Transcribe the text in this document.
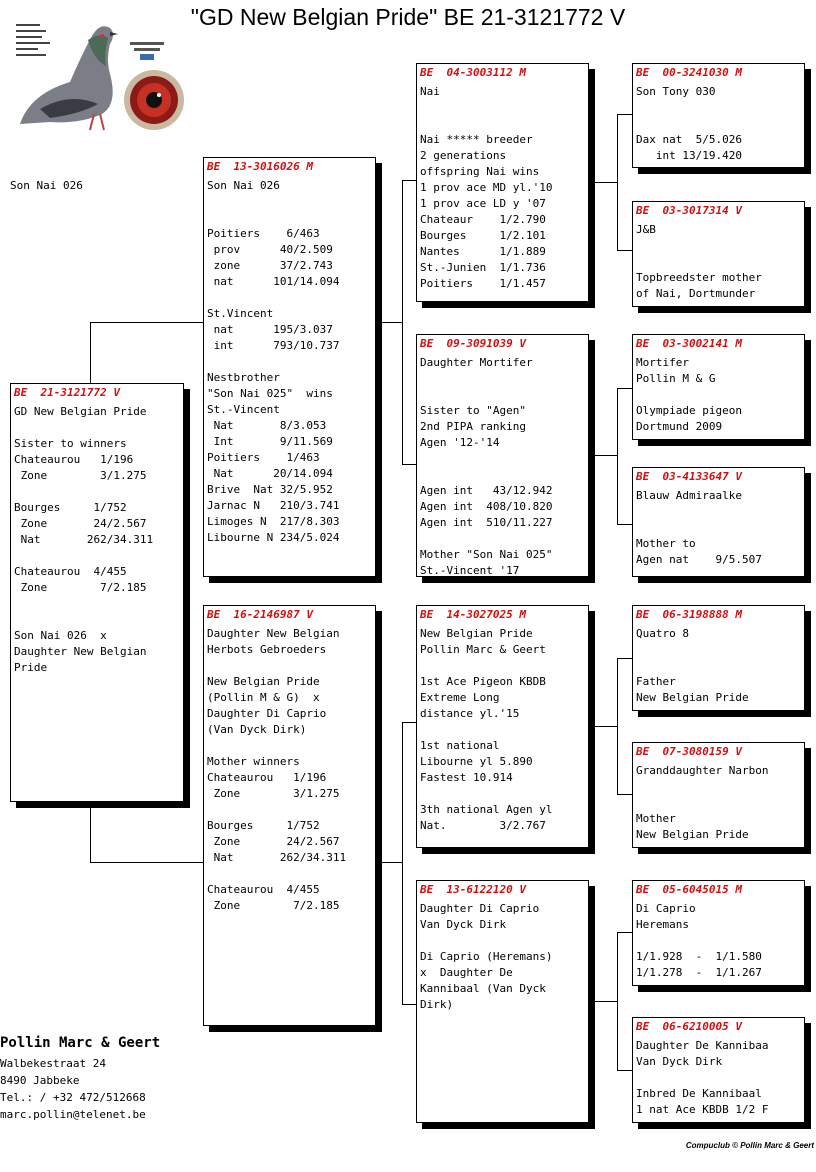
"GD New Belgian Pride" BE 21-3121772 V
Son Nai 026
BE  21-3121772 V
GD New Belgian Pride

Sister to winners
Chateaurou   1/196
Zone        3/1.275

Bourges     1/752
Zone       24/2.567
Nat       262/34.311

Chateaurou  4/455
Zone        7/2.185

Son Nai 026  x
Daughter New Belgian
Pride
BE  13-3016026 M
Son Nai 026

Poitiers    6/463
prov      40/2.509
zone      37/2.743
nat      101/14.094

St.Vincent
nat      195/3.037
int      793/10.737

Nestbrother
"Son Nai 025"  wins
St.-Vincent
Nat       8/3.053
Int       9/11.569
Poitiers    1/463
Nat      20/14.094
Brive  Nat 32/5.952
Jarnac N   210/3.741
Limoges N  217/8.303
Libourne N 234/5.024
BE  16-2146987 V
Daughter New Belgian
Herbots Gebroeders

New Belgian Pride
(Pollin M & G)  x
Daughter Di Caprio
(Van Dyck Dirk)

Mother winners
Chateaurou   1/196
Zone        3/1.275

Bourges     1/752
Zone       24/2.567
Nat       262/34.311

Chateaurou  4/455
Zone        7/2.185
BE  04-3003112 M
Nai

Nai ***** breeder
2 generations
offspring Nai wins
1 prov ace MD yl.'10
1 prov ace LD y '07
Chateaur    1/2.790
Bourges     1/2.101
Nantes      1/1.889
St.-Junien  1/1.736
Poitiers    1/1.457
BE  09-3091039 V
Daughter Mortifer

Sister to "Agen"
2nd PIPA ranking
Agen '12-'14

Agen int   43/12.942
Agen int  408/10.820
Agen int  510/11.227

Mother "Son Nai 025"
St.-Vincent '17
BE  14-3027025 M
New Belgian Pride
Pollin Marc & Geert

1st Ace Pigeon KBDB
Extreme Long
distance yl.'15

1st national
Libourne yl 5.890
Fastest 10.914

3th national Agen yl
Nat.        3/2.767
BE  13-6122120 V
Daughter Di Caprio
Van Dyck Dirk

Di Caprio (Heremans)
x  Daughter De
Kannibaal (Van Dyck
Dirk)
BE  00-3241030 M
Son Tony 030

Dax nat  5/5.026
int 13/19.420
BE  03-3017314 V
J&B

Topbreedster mother
of Nai, Dortmunder
BE  03-3002141 M
Mortifer
Pollin M & G

Olympiade pigeon
Dortmund 2009
BE  03-4133647 V
Blauw Admiraalke

Mother to
Agen nat    9/5.507
BE  06-3198888 M
Quatro 8

Father
New Belgian Pride
BE  07-3080159 V
Granddaughter Narbon

Mother
New Belgian Pride
BE  05-6045015 M
Di Caprio
Heremans

1/1.928  -  1/1.580
1/1.278  -  1/1.267
BE  06-6210005 V
Daughter De Kannibaa
Van Dyck Dirk

Inbred De Kannibaal
1 nat Ace KBDB 1/2 F
Pollin Marc & Geert
Walbekestraat 24
8490 Jabbeke
Tel.: / +32 472/512668
marc.pollin@telenet.be
Compuclub © Pollin Marc & Geert
